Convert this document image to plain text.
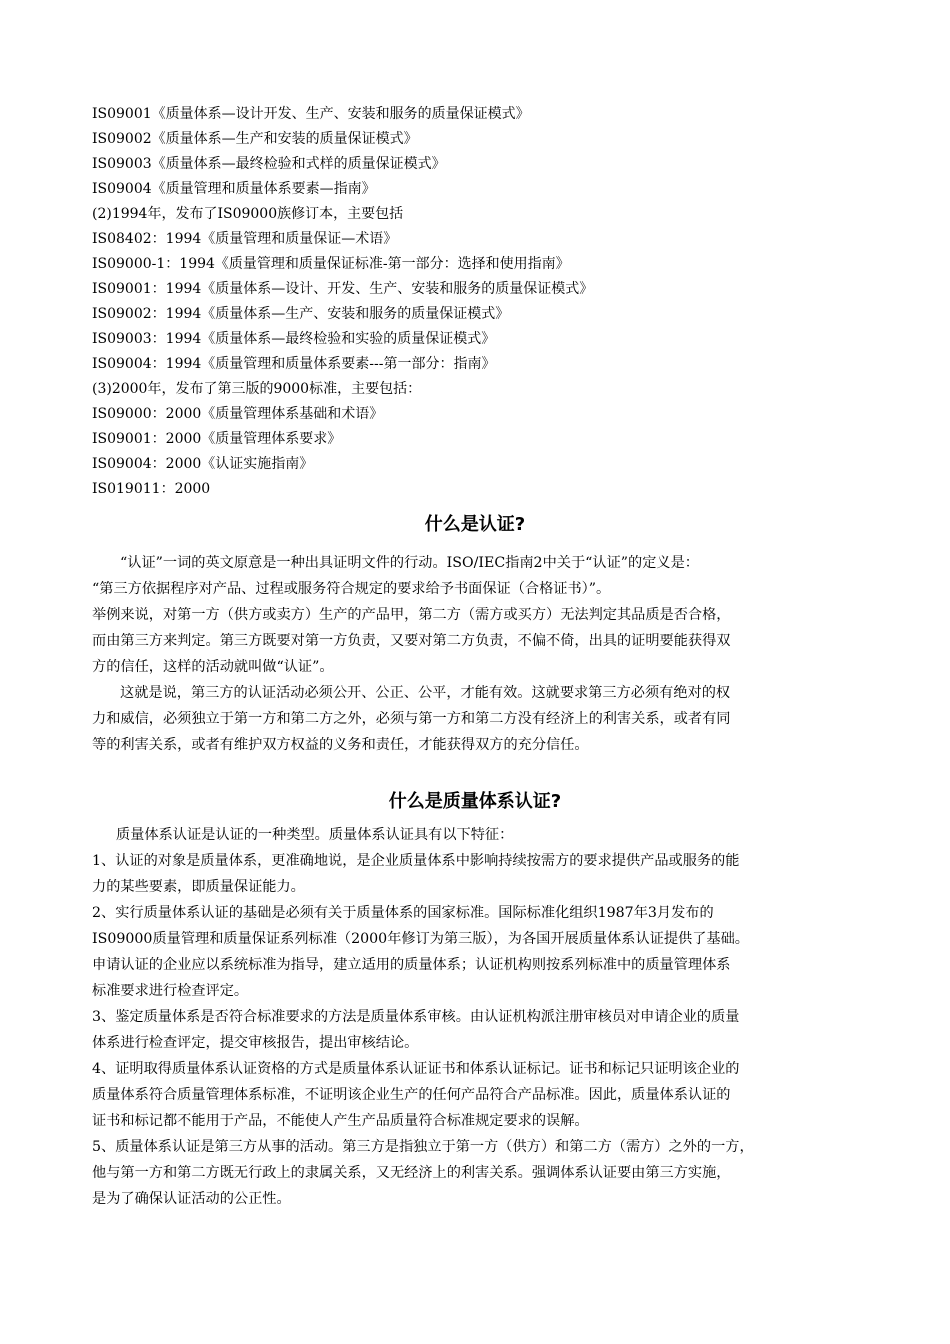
IS09001《质量体系—设计开发、生产、安装和服务的质量保证模式》
IS09002《质量体系—生产和安装的质量保证模式》
IS09003《质量体系—最终检验和式样的质量保证模式》
IS09004《质量管理和质量体系要素—指南》
(2)1994年，发布了IS09000族修订本，主要包括
IS08402：1994《质量管理和质量保证—术语》
IS09000-1：1994《质量管理和质量保证标准-第一部分：选择和使用指南》
IS09001：1994《质量体系—设计、开发、生产、安装和服务的质量保证模式》
IS09002：1994《质量体系—生产、安装和服务的质量保证模式》
IS09003：1994《质量体系—最终检验和实验的质量保证模式》
IS09004：1994《质量管理和质量体系要素---第一部分：指南》
(3)2000年，发布了第三版的9000标准，主要包括：
IS09000：2000《质量管理体系基础和术语》
IS09001：2000《质量管理体系要求》
IS09004：2000《认证实施指南》
IS019011：2000
什么是认证?

“认证”一词的英文原意是一种出具证明文件的行动。ISO/IEC指南2中关于“认证”的定义是：
“第三方依据程序对产品、过程或服务符合规定的要求给予书面保证（合格证书）”。

举例来说，对第一方（供方或卖方）生产的产品甲，第二方（需方或买方）无法判定其品质是否合格，
而由第三方来判定。第三方既要对第一方负责，又要对第二方负责，不偏不倚，出具的证明要能获得双
方的信任，这样的活动就叫做“认证”。

这就是说，第三方的认证活动必须公开、公正、公平，才能有效。这就要求第三方必须有绝对的权
力和威信，必须独立于第一方和第二方之外，必须与第一方和第二方没有经济上的利害关系，或者有同
等的利害关系，或者有维护双方权益的义务和责任，才能获得双方的充分信任。

什么是质量体系认证?

质量体系认证是认证的一种类型。质量体系认证具有以下特征：

1、认证的对象是质量体系，更准确地说，是企业质量体系中影响持续按需方的要求提供产品或服务的能
力的某些要素，即质量保证能力。

2、实行质量体系认证的基础是必须有关于质量体系的国家标准。国际标准化组织1987年3月发布的
IS09000质量管理和质量保证系列标准（2000年修订为第三版），为各国开展质量体系认证提供了基础。
申请认证的企业应以系统标准为指导，建立适用的质量体系；认证机构则按系列标准中的质量管理体系
标准要求进行检查评定。

3、鉴定质量体系是否符合标准要求的方法是质量体系审核。由认证机构派注册审核员对申请企业的质量
体系进行检查评定，提交审核报告，提出审核结论。

4、证明取得质量体系认证资格的方式是质量体系认证证书和体系认证标记。证书和标记只证明该企业的
质量体系符合质量管理体系标准，不证明该企业生产的任何产品符合产品标准。因此，质量体系认证的
证书和标记都不能用于产品，不能使人产生产品质量符合标准规定要求的误解。

5、质量体系认证是第三方从事的活动。第三方是指独立于第一方（供方）和第二方（需方）之外的一方，
他与第一方和第二方既无行政上的隶属关系，又无经济上的利害关系。强调体系认证要由第三方实施，
是为了确保认证活动的公正性。
